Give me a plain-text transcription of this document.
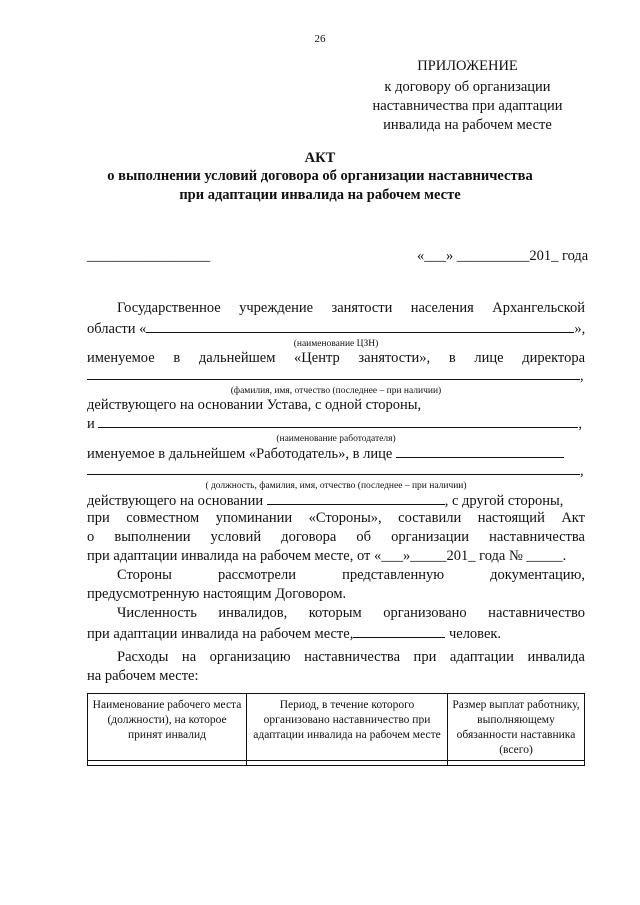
26
ПРИЛОЖЕНИЕ
к договору об организации
наставничества при адаптации
инвалида на рабочем месте
АКТ
о выполнении условий договора об организации наставничества
при адаптации инвалида на рабочем месте
_________________	«___» __________201_ года
Государственное учреждение занятости населения Архангельской
области «	»,
(наименование ЦЗН)
именуемое в дальнейшем «Центр занятости», в лице директора
,
(фамилия, имя, отчество (последнее – при наличии)
действующего на основании Устава, с одной стороны,
и	,
(наименование работодателя)
именуемое в дальнейшем «Работодатель», в лице
,
( должность, фамилия, имя, отчество (последнее – при наличии)
действующего на основании	, с другой стороны,
при совместном упоминании «Стороны», составили настоящий Акт
о выполнении условий договора об организации наставничества
при адаптации инвалида на рабочем месте, от «___»_____201_ года № _____.
Стороны рассмотрели представленную документацию,
предусмотренную настоящим Договором.
Численность инвалидов, которым организовано наставничество
при адаптации инвалида на рабочем месте,	человек.
Расходы на организацию наставничества при адаптации инвалида
на рабочем месте:
Наименование рабочего места (должности), на которое принят инвалид	Период, в течение которого организовано наставничество при адаптации инвалида на рабочем месте	Размер выплат работнику, выполняющему обязанности наставника (всего)
